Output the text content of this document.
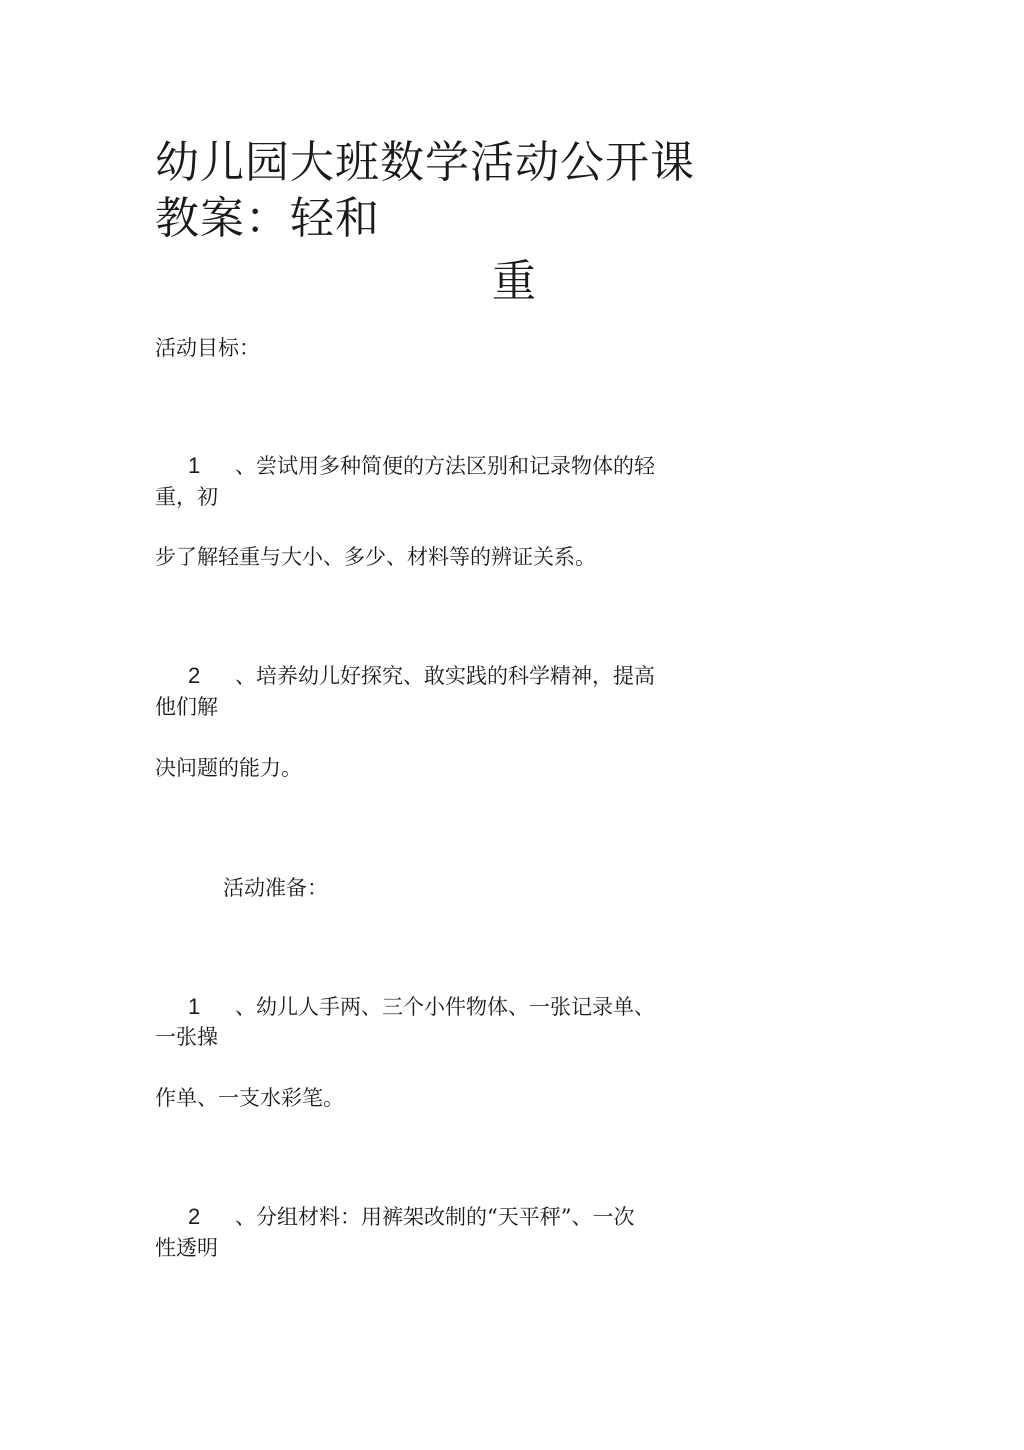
幼儿园大班数学活动公开课
教案：轻和
重
活动目标：
1 、尝试用多种简便的方法区别和记录物体的轻
重，初
步了解轻重与大小、多少、材料等的辨证关系。
2 、培养幼儿好探究、敢实践的科学精神，提高
他们解
决问题的能力。
活动准备：
1 、幼儿人手两、三个小件物体、一张记录单、
一张操
作单、一支水彩笔。
2 、分组材料：用裤架改制的“天平秤”、一次
性透明
